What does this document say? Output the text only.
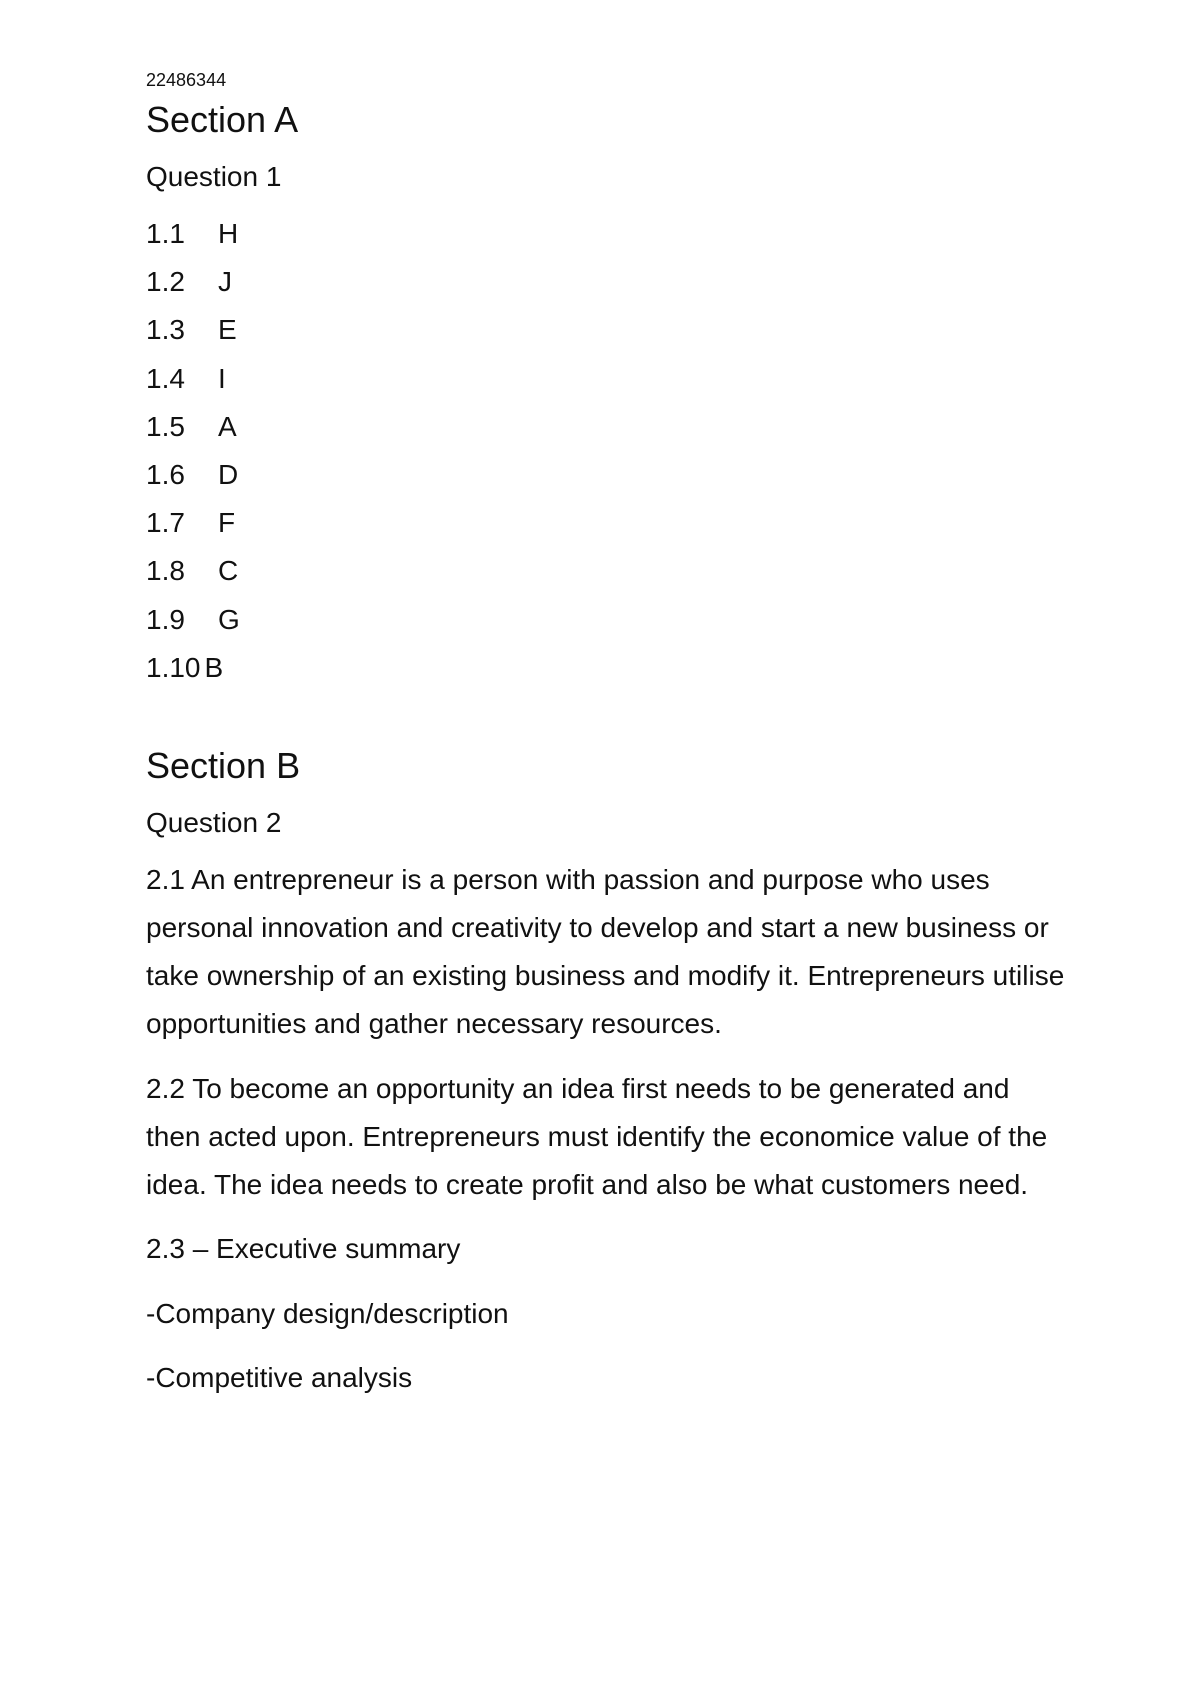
22486344
Section A
Question 1
1.1	H
1.2	J
1.3	E
1.4	I
1.5	A
1.6	D
1.7	F
1.8	C
1.9	G
1.10 B
Section B
Question 2

2.1 An entrepreneur is a person with passion and purpose who uses personal innovation and creativity to develop and start a new business or take ownership of an existing business and modify it. Entrepreneurs utilise opportunities and gather necessary resources.

2.2 To become an opportunity an idea first needs to be generated and then acted upon. Entrepreneurs must identify the economice value of the idea. The idea needs to create profit and also be what customers need.

2.3 – Executive summary

-Company design/description

-Competitive analysis
